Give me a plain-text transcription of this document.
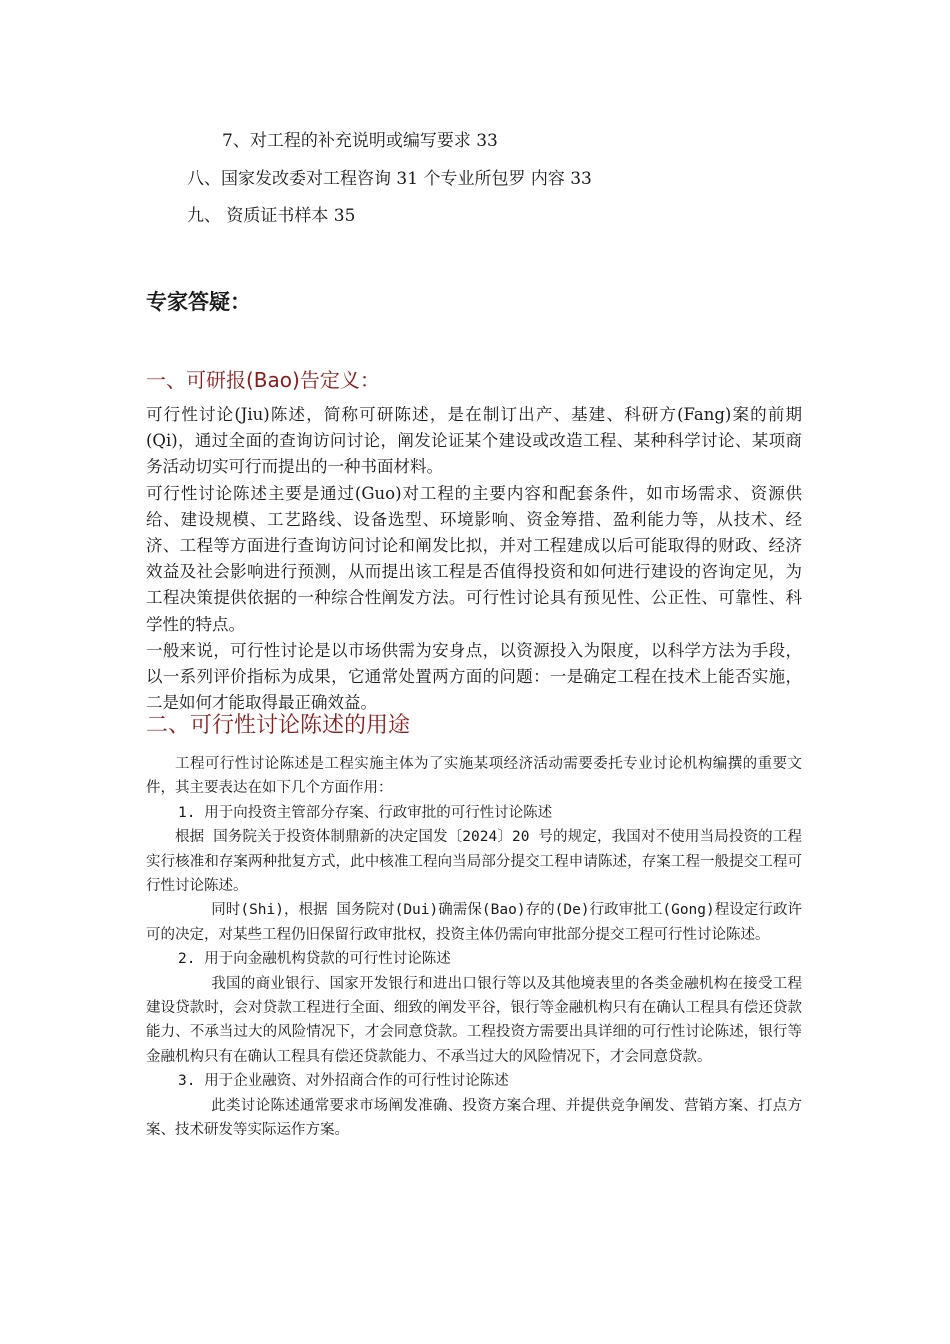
7、对工程的补充说明或编写要求 33
八、国家发改委对工程咨询 31 个专业所包罗 内容 33
九、 资质证书样本 35
专家答疑：
一、可研报(Bao)告定义：

可行性讨论(Jiu)陈述，简称可研陈述，是在制订出产、基建、科研方(Fang)案的前期(Qi)，通过全面的查询访问讨论，阐发论证某个建设或改造工程、某种科学讨论、某项商务活动切实可行而提出的一种书面材料。

可行性讨论陈述主要是通过(Guo)对工程的主要内容和配套条件，如市场需求、资源供给、建设规模、工艺路线、设备选型、环境影响、资金筹措、盈利能力等，从技术、经济、工程等方面进行查询访问讨论和阐发比拟，并对工程建成以后可能取得的财政、经济效益及社会影响进行预测，从而提出该工程是否值得投资和如何进行建设的咨询定见，为工程决策提供依据的一种综合性阐发方法。可行性讨论具有预见性、公正性、可靠性、科学性的特点。

一般来说，可行性讨论是以市场供需为安身点，以资源投入为限度，以科学方法为手段，以一系列评价指标为成果，它通常处置两方面的问题：一是确定工程在技术上能否实施，二是如何才能取得最正确效益。

二、可行性讨论陈述的用途

工程可行性讨论陈述是工程实施主体为了实施某项经济活动需要委托专业讨论机构编撰的重要文件，其主要表达在如下几个方面作用：

1. 用于向投资主管部分存案、行政审批的可行性讨论陈述

根据 国务院关于投资体制鼎新的决定国发〔2024〕20 号的规定，我国对不使用当局投资的工程实行核准和存案两种批复方式，此中核准工程向当局部分提交工程申请陈述，存案工程一般提交工程可行性讨论陈述。

同时(Shi)，根据 国务院对(Dui)确需保(Bao)存的(De)行政审批工(Gong)程设定行政许可的决定，对某些工程仍旧保留行政审批权，投资主体仍需向审批部分提交工程可行性讨论陈述。

2. 用于向金融机构贷款的可行性讨论陈述

我国的商业银行、国家开发银行和进出口银行等以及其他境表里的各类金融机构在接受工程建设贷款时，会对贷款工程进行全面、细致的阐发平谷，银行等金融机构只有在确认工程具有偿还贷款能力、不承当过大的风险情况下，才会同意贷款。工程投资方需要出具详细的可行性讨论陈述，银行等金融机构只有在确认工程具有偿还贷款能力、不承当过大的风险情况下，才会同意贷款。

3. 用于企业融资、对外招商合作的可行性讨论陈述

此类讨论陈述通常要求市场阐发准确、投资方案合理、并提供竞争阐发、营销方案、打点方案、技术研发等实际运作方案。
